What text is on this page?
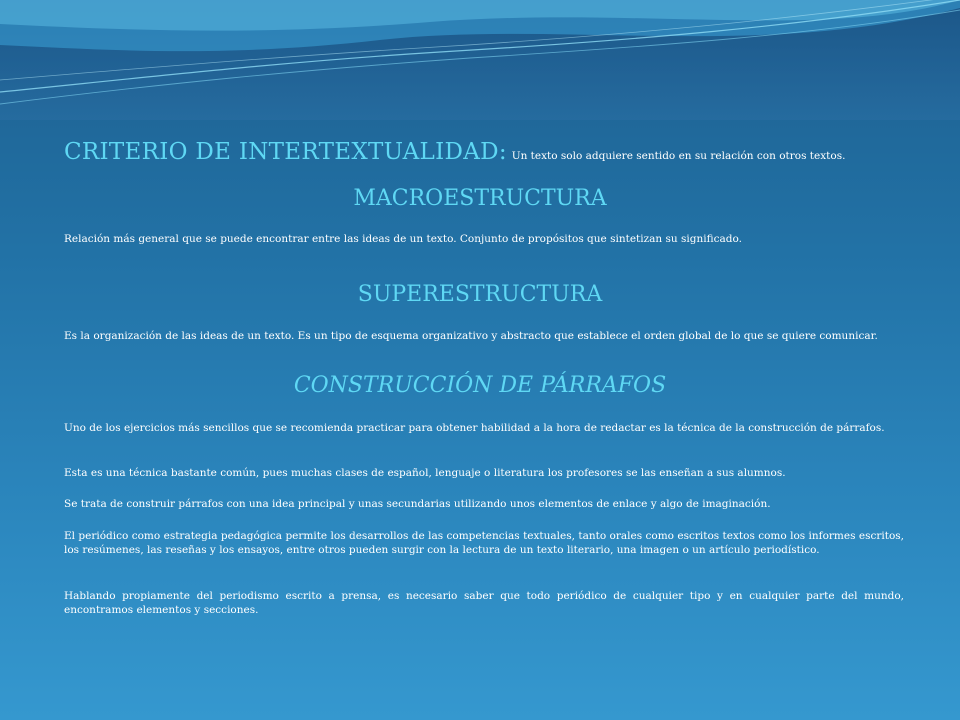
CRITERIO DE INTERTEXTUALIDAD: Un texto solo adquiere sentido en su relación con otros textos.
MACROESTRUCTURA

Relación más general que se puede encontrar entre las ideas de un texto. Conjunto de propósitos que sintetizan su significado.

SUPERESTRUCTURA

Es la organización de las ideas de un texto. Es un tipo de esquema organizativo y abstracto que establece el orden global de lo que se quiere comunicar.

CONSTRUCCIÓN DE PÁRRAFOS

Uno de los ejercicios más sencillos que se recomienda practicar para obtener habilidad a la hora de redactar es la técnica de la construcción de párrafos.

Esta es una técnica bastante común, pues muchas clases de español, lenguaje o literatura los profesores se las enseñan a sus alumnos.

Se trata de construir párrafos con una idea principal y unas secundarias utilizando unos elementos de enlace y algo de imaginación.

El periódico como estrategia pedagógica permite los desarrollos de las competencias textuales, tanto orales como escritos textos como los informes escritos, los resúmenes, las reseñas y los ensayos, entre otros pueden surgir con la lectura de un texto literario, una imagen o un artículo periodístico.

Hablando propiamente del periodismo escrito a prensa, es necesario saber que todo periódico de cualquier tipo y en cualquier parte del mundo, encontramos elementos y secciones.
